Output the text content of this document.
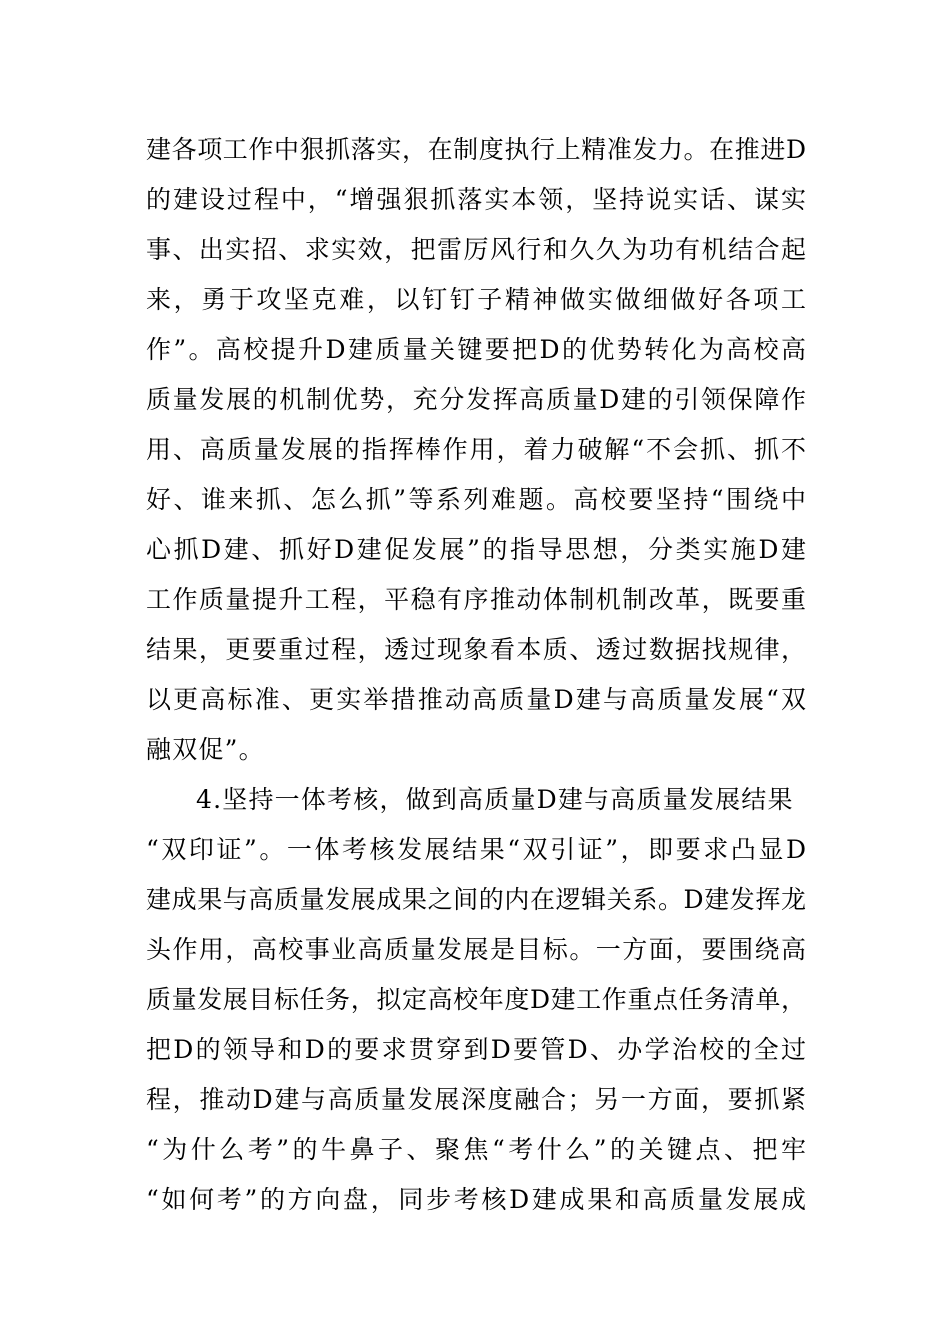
建各项工作中狠抓落实，在制度执行上精准发力。在推进D
的建设过程中，“增强狠抓落实本领，坚持说实话、谋实
事、出实招、求实效，把雷厉风行和久久为功有机结合起
来，勇于攻坚克难，以钉钉子精神做实做细做好各项工
作”。高校提升D建质量关键要把D的优势转化为高校高
质量发展的机制优势，充分发挥高质量D建的引领保障作
用、高质量发展的指挥棒作用，着力破解“不会抓、抓不
好、谁来抓、怎么抓”等系列难题。高校要坚持“围绕中
心抓D建、抓好D建促发展”的指导思想，分类实施D建
工作质量提升工程，平稳有序推动体制机制改革，既要重
结果，更要重过程，透过现象看本质、透过数据找规律，
以更高标准、更实举措推动高质量D建与高质量发展“双
融双促”。
4.坚持一体考核，做到高质量D建与高质量发展结果
“双印证”。一体考核发展结果“双引证”，即要求凸显D
建成果与高质量发展成果之间的内在逻辑关系。D建发挥龙
头作用，高校事业高质量发展是目标。一方面，要围绕高
质量发展目标任务，拟定高校年度D建工作重点任务清单，
把D的领导和D的要求贯穿到D要管D、办学治校的全过
程，推动D建与高质量发展深度融合；另一方面，要抓紧
“为什么考”的牛鼻子、聚焦“考什么”的关键点、把牢
“如何考”的方向盘，同步考核D建成果和高质量发展成
